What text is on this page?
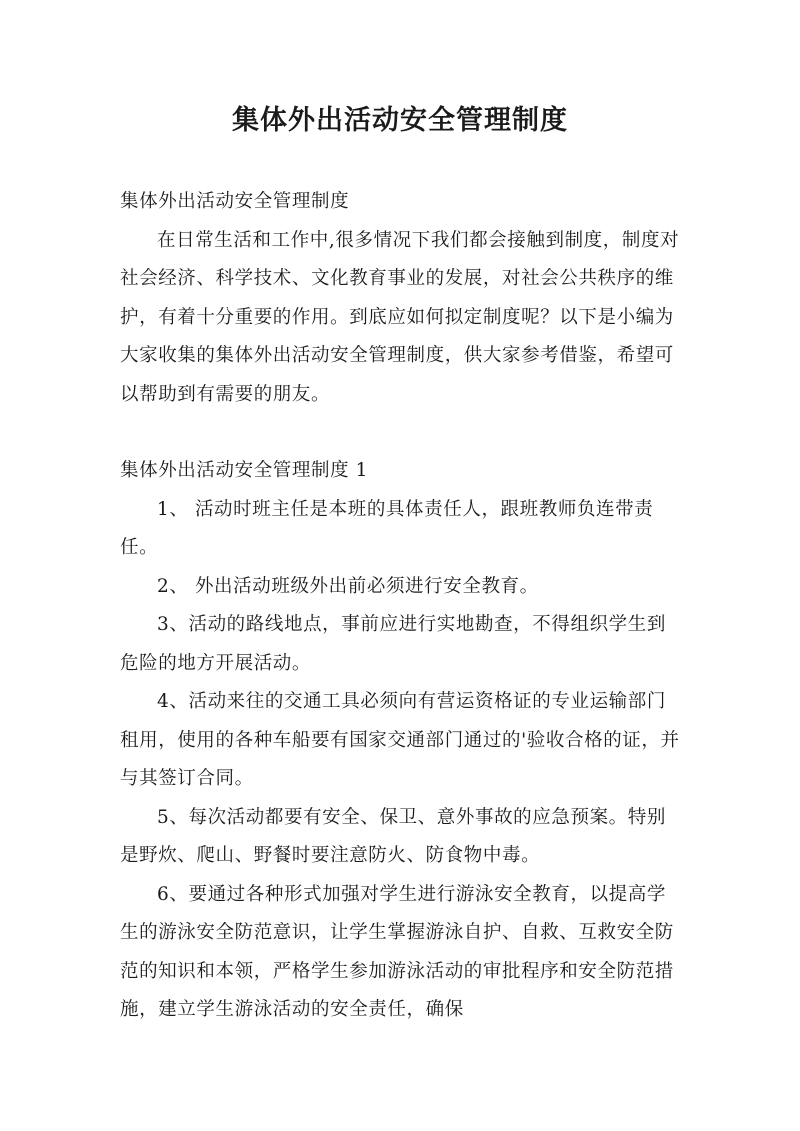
集体外出活动安全管理制度

集体外出活动安全管理制度

在日常生活和工作中,很多情况下我们都会接触到制度，制度对社会经济、科学技术、文化教育事业的发展，对社会公共秩序的维护，有着十分重要的作用。到底应如何拟定制度呢？以下是小编为大家收集的集体外出活动安全管理制度，供大家参考借鉴，希望可以帮助到有需要的朋友。

集体外出活动安全管理制度 1

1、 活动时班主任是本班的具体责任人，跟班教师负连带责任。

2、 外出活动班级外出前必须进行安全教育。

3、活动的路线地点，事前应进行实地勘查，不得组织学生到危险的地方开展活动。

4、活动来往的交通工具必须向有营运资格证的专业运输部门租用，使用的各种车船要有国家交通部门通过的'验收合格的证，并与其签订合同。

5、每次活动都要有安全、保卫、意外事故的应急预案。特别是野炊、爬山、野餐时要注意防火、防食物中毒。

6、要通过各种形式加强对学生进行游泳安全教育，以提高学生的游泳安全防范意识，让学生掌握游泳自护、自救、互救安全防范的知识和本领，严格学生参加游泳活动的审批程序和安全防范措施，建立学生游泳活动的安全责任，确保
